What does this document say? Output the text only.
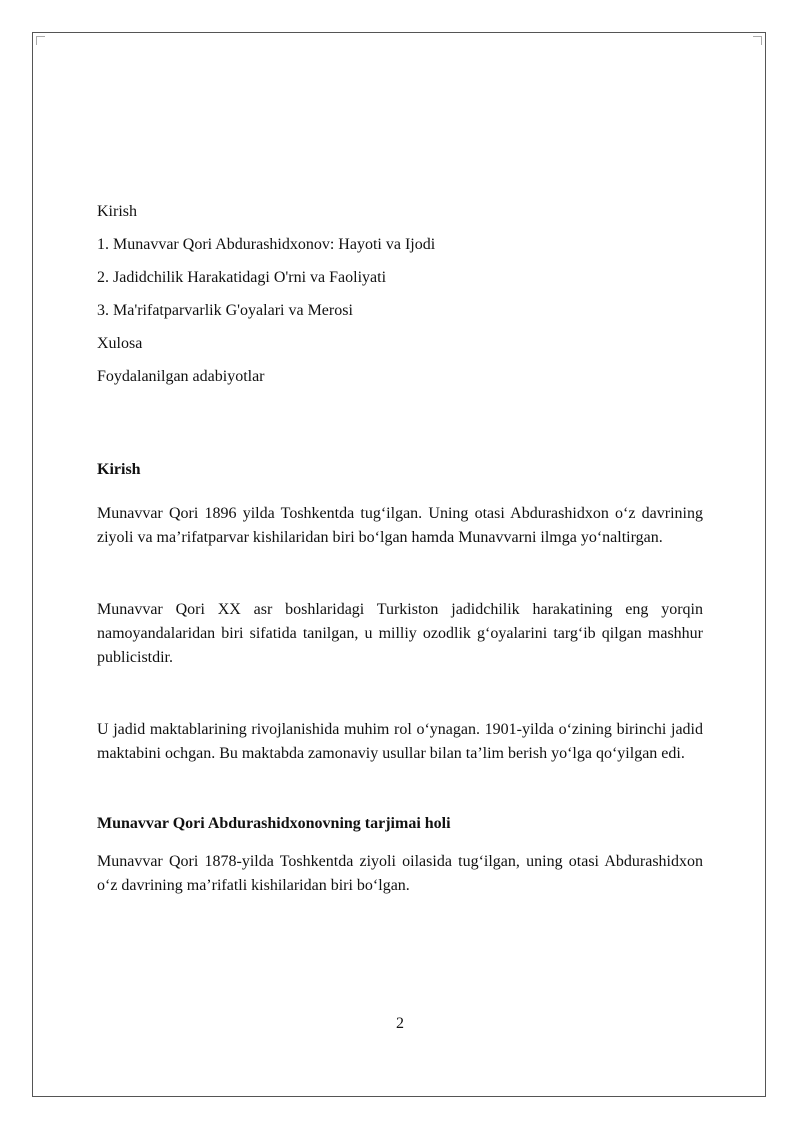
Kirish
1. Munavvar Qori Abdurashidxonov: Hayoti va Ijodi
2. Jadidchilik Harakatidagi O'rni va Faoliyati
3. Ma'rifatparvarlik G'oyalari va Merosi
Xulosa
Foydalanilgan adabiyotlar

Kirish

Munavvar Qori 1896 yilda Toshkentda tug‘ilgan. Uning otasi Abdurashidxon o‘z davrining ziyoli va ma’rifatparvar kishilaridan biri bo‘lgan hamda Munavvarni ilmga yo‘naltirgan.

Munavvar Qori XX asr boshlaridagi Turkiston jadidchilik harakatining eng yorqin namoyandalaridan biri sifatida tanilgan, u milliy ozodlik g‘oyalarini targ‘ib qilgan mashhur publicistdir.

U jadid maktablarining rivojlanishida muhim rol o‘ynagan. 1901-yilda o‘zining birinchi jadid maktabini ochgan. Bu maktabda zamonaviy usullar bilan ta’lim berish yo‘lga qo‘yilgan edi.

Munavvar Qori Abdurashidxonovning tarjimai holi

Munavvar Qori 1878-yilda Toshkentda ziyoli oilasida tug‘ilgan, uning otasi Abdurashidxon o‘z davrining ma’rifatli kishilaridan biri bo‘lgan.

2
